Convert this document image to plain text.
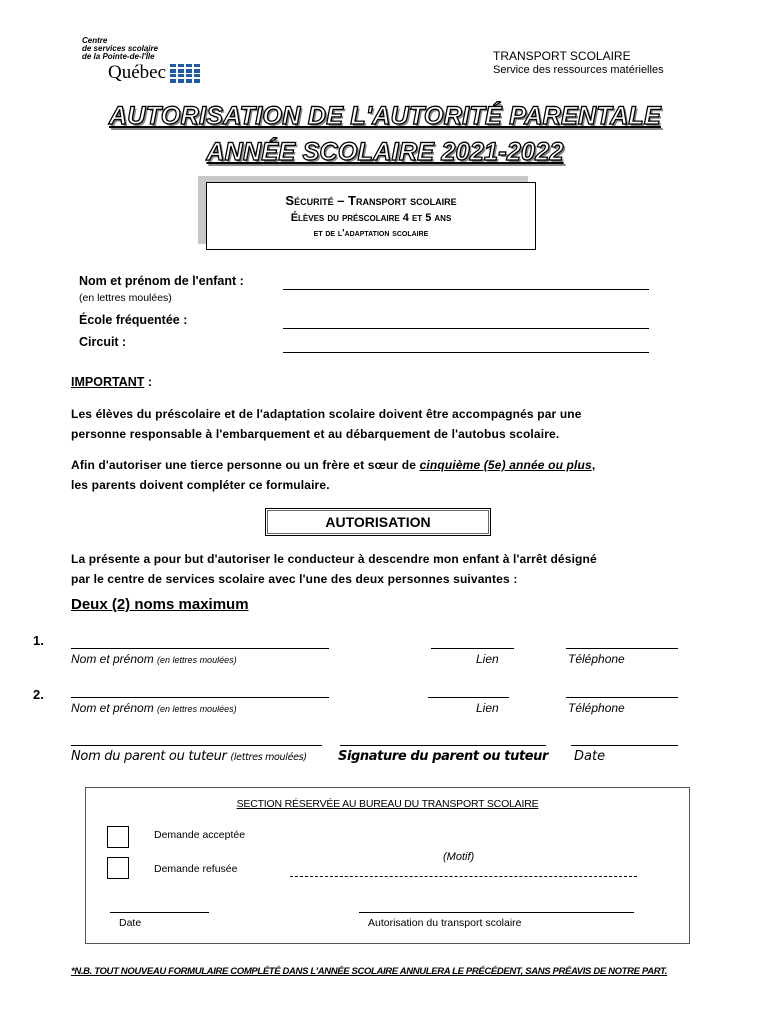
Centre
de services scolaire
de la Pointe-de-l'Île
Québec
TRANSPORT SCOLAIRE
Service des ressources matérielles
AUTORISATION DE L'AUTORITÉ PARENTALE
ANNÉE SCOLAIRE 2021-2022
Sécurité – Transport scolaire
Élèves du préscolaire 4 et 5 ans
et de l'adaptation scolaire
Nom et prénom de l'enfant :
(en lettres moulées)
École fréquentée :
Circuit :
IMPORTANT :
Les élèves du préscolaire et de l'adaptation scolaire doivent être accompagnés par une
personne responsable à l'embarquement et au débarquement de l'autobus scolaire.
Afin d'autoriser une tierce personne ou un frère et sœur de cinquième (5e) année ou plus,
les parents doivent compléter ce formulaire.
AUTORISATION
La présente a pour but d'autoriser le conducteur à descendre mon enfant à l'arrêt désigné
par le centre de services scolaire avec l'une des deux personnes suivantes :
Deux (2) noms maximum
1.
Nom et prénom (en lettres moulées)	Lien	Téléphone
2.
Nom et prénom (en lettres moulées)	Lien	Téléphone
Nom du parent ou tuteur (lettres moulées) Signature du parent ou tuteur Date
SECTION RÉSERVÉE AU BUREAU DU TRANSPORT SCOLAIRE
Demande acceptée
Demande refusée
(Motif)
Date	Autorisation du transport scolaire
*N.B. TOUT NOUVEAU FORMULAIRE COMPLÉTÉ DANS L'ANNÉE SCOLAIRE ANNULERA LE PRÉCÉDENT, SANS PRÉAVIS DE NOTRE PART.
